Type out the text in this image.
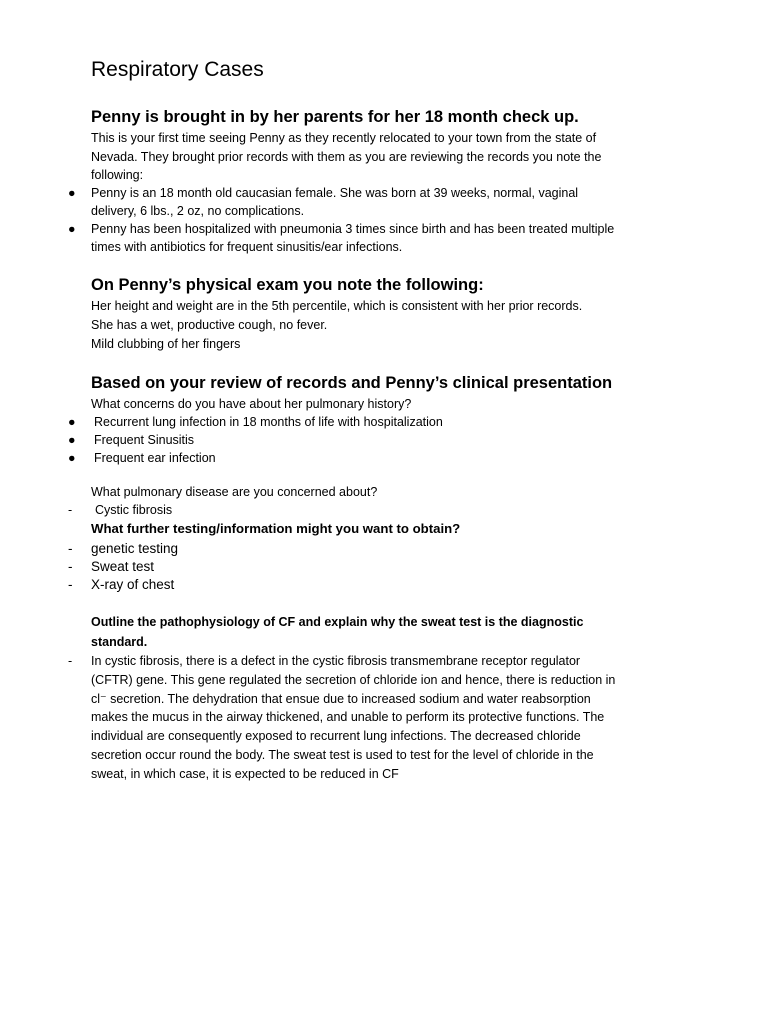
Respiratory Cases
Penny is brought in by her parents for her 18 month check up.

This is your first time seeing Penny as they recently relocated to your town from the state of

Nevada. They brought prior records with them as you are reviewing the records you note the

following:

●	Penny is an 18 month old caucasian female. She was born at 39 weeks, normal, vaginal
delivery, 6 lbs., 2 oz, no complications.
●	Penny has been hospitalized with pneumonia 3 times since birth and has been treated multiple
times with antibiotics for frequent sinusitis/ear infections.
On Penny’s physical exam you note the following:

Her height and weight are in the 5th percentile, which is consistent with her prior records.

She has a wet, productive cough, no fever.

Mild clubbing of her fingers

Based on your review of records and Penny’s clinical presentation

What concerns do you have about her pulmonary history?

●	Recurrent lung infection in 18 months of life with hospitalization
●	Frequent Sinusitis
●	Frequent ear infection

What pulmonary disease are you concerned about?

-	Cystic fibrosis
What further testing/information might you want to obtain?
-	genetic testing
-	Sweat test
-	X-ray of chest
Outline the pathophysiology of CF and explain why the sweat test is the diagnostic
standard.
-	In cystic fibrosis, there is a defect in the cystic fibrosis transmembrane receptor regulator
(CFTR) gene. This gene regulated the secretion of chloride ion and hence, there is reduction in
cl⁻ secretion. The dehydration that ensue due to increased sodium and water reabsorption
makes the mucus in the airway thickened, and unable to perform its protective functions. The
individual are consequently exposed to recurrent lung infections. The decreased chloride
secretion occur round the body. The sweat test is used to test for the level of chloride in the
sweat, in which case, it is expected to be reduced in CF
